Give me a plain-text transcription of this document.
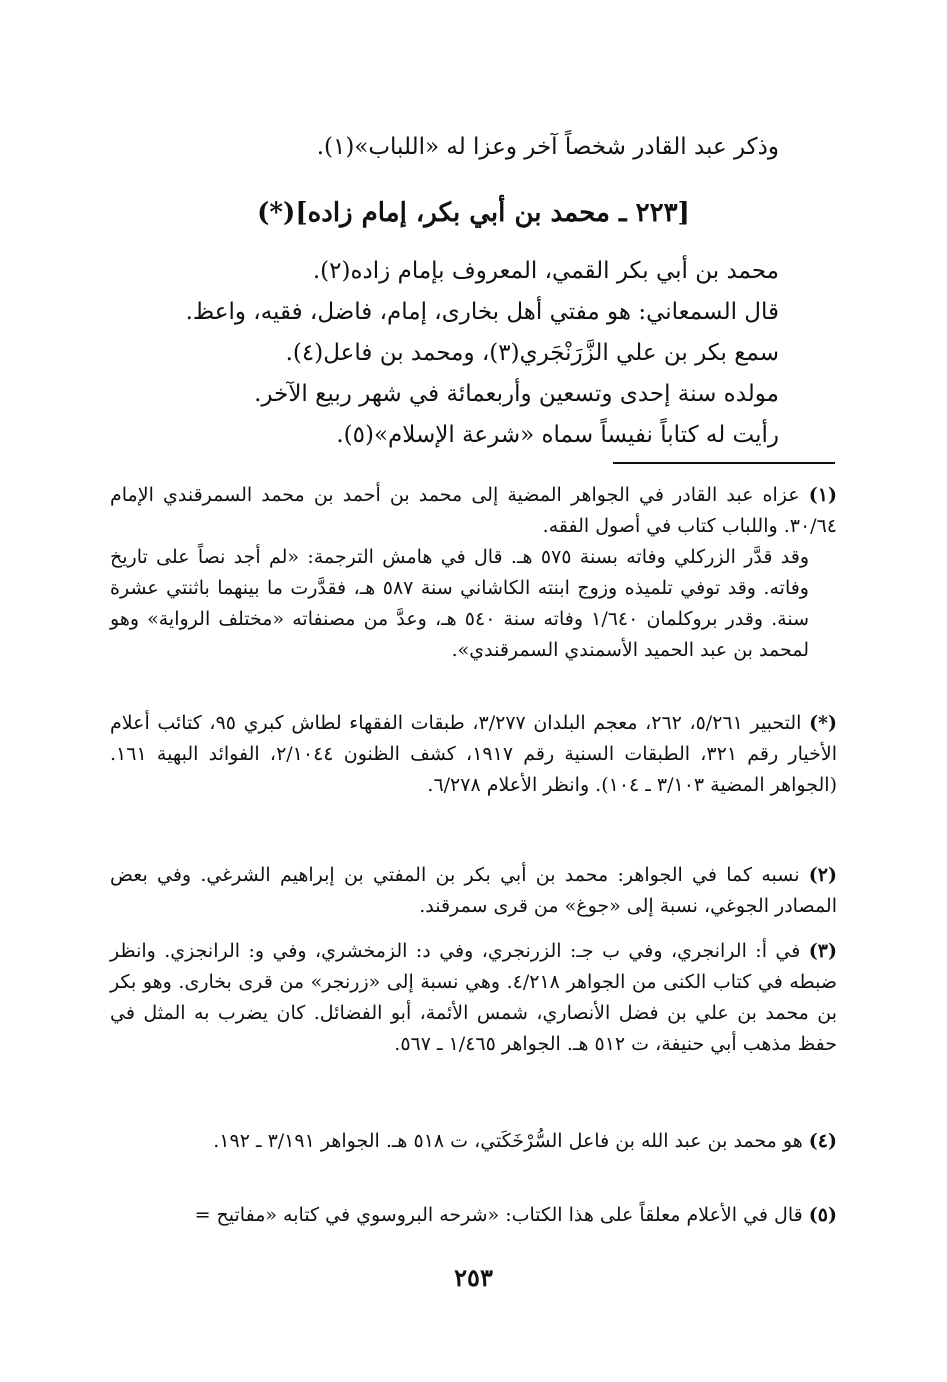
وذكر عبد القادر شخصاً آخر وعزا له «اللباب»(١).
[٢٢٣ ـ محمد بن أبي بكر، إمام زاده](*)
محمد بن أبي بكر القمي، المعروف بإمام زاده(٢).
قال السمعاني: هو مفتي أهل بخارى، إمام، فاضل، فقيه، واعظ.
سمع بكر بن علي الزَّرَنْجَري(٣)، ومحمد بن فاعل(٤).
مولده سنة إحدى وتسعين وأربعمائة في شهر ربيع الآخر.
رأيت له كتاباً نفيساً سماه «شرعة الإسلام»(٥).

(١) عزاه عبد القادر في الجواهر المضية إلى محمد بن أحمد بن محمد السمرقندي الإمام ٣٠/٦٤. واللباب كتاب في أصول الفقه.

وقد قدَّر الزركلي وفاته بسنة ٥٧٥ هـ. قال في هامش الترجمة: «لم أجد نصاً على تاريخ وفاته. وقد توفي تلميذه وزوج ابنته الكاشاني سنة ٥٨٧ هـ، فقدَّرت ما بينهما باثنتي عشرة سنة. وقدر بروكلمان ١/٦٤٠ وفاته سنة ٥٤٠ هـ، وعدَّ من مصنفاته «مختلف الرواية» وهو لمحمد بن عبد الحميد الأسمندي السمرقندي».

(*) التحبير ٥/٢٦١، ٢٦٢، معجم البلدان ٣/٢٧٧، طبقات الفقهاء لطاش كبري ٩٥، كتائب أعلام الأخيار رقم ٣٢١، الطبقات السنية رقم ١٩١٧، كشف الظنون ٢/١٠٤٤، الفوائد البهية ١٦١. (الجواهر المضية ٣/١٠٣ ـ ١٠٤). وانظر الأعلام ٦/٢٧٨.

(٢) نسبه كما في الجواهر: محمد بن أبي بكر بن المفتي بن إبراهيم الشرغي. وفي بعض المصادر الجوغي، نسبة إلى «جوغ» من قرى سمرقند.

(٣) في أ: الرانجري، وفي ب جـ: الزرنجري، وفي د: الزمخشري، وفي و: الرانجزي. وانظر ضبطه في كتاب الكنى من الجواهر ٤/٢١٨. وهي نسبة إلى «زرنجر» من قرى بخارى. وهو بكر بن محمد بن علي بن فضل الأنصاري، شمس الأئمة، أبو الفضائل. كان يضرب به المثل في حفظ مذهب أبي حنيفة، ت ٥١٢ هـ. الجواهر ١/٤٦٥ ـ ٥٦٧.

(٤) هو محمد بن عبد الله بن فاعل السُّرْخَكَتي، ت ٥١٨ هـ. الجواهر ٣/١٩١ ـ ١٩٢.

(٥) قال في الأعلام معلقاً على هذا الكتاب: «شرحه البروسوي في كتابه «مفاتيح =

٢٥٣
